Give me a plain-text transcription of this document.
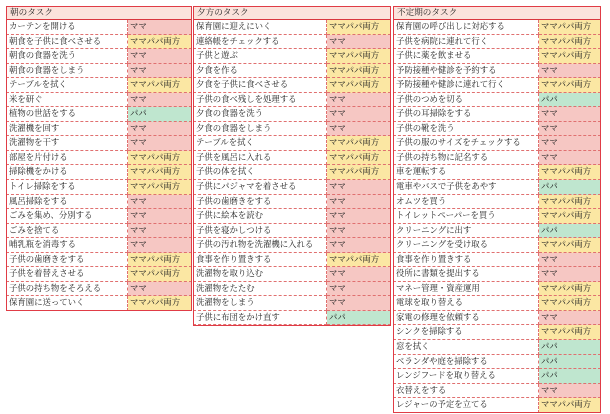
朝のタスク
カーテンを開ける	ママ
朝食を子供に食べさせる	ママパパ両方
朝食の食器を洗う	ママ
朝食の食器をしまう	ママ
テーブルを拭く	ママパパ両方
米を研ぐ	ママ
植物の世話をする	パパ
洗濯機を回す	ママ
洗濯物を干す	ママ
部屋を片付ける	ママパパ両方
掃除機をかける	ママパパ両方
トイレ掃除をする	ママパパ両方
風呂掃除をする	ママ
ごみを集め、分別する	ママ
ごみを捨てる	ママ
哺乳瓶を消毒する	ママ
子供の歯磨きをする	ママパパ両方
子供を着替えさせる	ママパパ両方
子供の持ち物をそろえる	ママ
保育園に送っていく	ママパパ両方
夕方のタスク
保育園に迎えにいく	ママパパ両方
連絡帳をチェックする	ママ
子供と遊ぶ	ママパパ両方
夕食を作る	ママパパ両方
夕食を子供に食べさせる	ママパパ両方
子供の食べ残しを処理する	ママ
夕食の食器を洗う	ママ
夕食の食器をしまう	ママ
テーブルを拭く	ママパパ両方
子供を風呂に入れる	ママパパ両方
子供の体を拭く	ママパパ両方
子供にパジャマを着させる	ママ
子供の歯磨きをする	ママ
子供に絵本を読む	ママ
子供を寝かしつける	ママ
子供の汚れ物を洗濯機に入れる	ママ
食事を作り置きする	ママパパ両方
洗濯物を取り込む	ママ
洗濯物をたたむ	ママ
洗濯物をしまう	ママ
子供に布団をかけ直す	パパ
不定期のタスク
保育園の呼び出しに対応する	ママパパ両方
子供を病院に連れて行く	ママパパ両方
子供に薬を飲ませる	ママパパ両方
予防接種や健診を予約する	ママ
予防接種や健診に連れて行く	ママパパ両方
子供のつめを切る	パパ
子供の耳掃除をする	ママ
子供の靴を洗う	ママ
子供の服のサイズをチェックする	ママ
子供の持ち物に記名する	ママ
車を運転する	ママパパ両方
電車やバスで子供をあやす	パパ
オムツを買う	ママパパ両方
トイレットペーパーを買う	ママパパ両方
クリーニングに出す	パパ
クリーニングを受け取る	ママパパ両方
食事を作り置きする	ママ
役所に書類を提出する	ママ
マネー管理・資産運用	ママパパ両方
電球を取り替える	ママパパ両方
家電の修理を依頼する	ママ
シンクを掃除する	ママパパ両方
窓を拭く	パパ
ベランダや庭を掃除する	パパ
レンジフードを取り替える	パパ
衣替えをする	ママ
レジャーの予定を立てる	ママパパ両方
